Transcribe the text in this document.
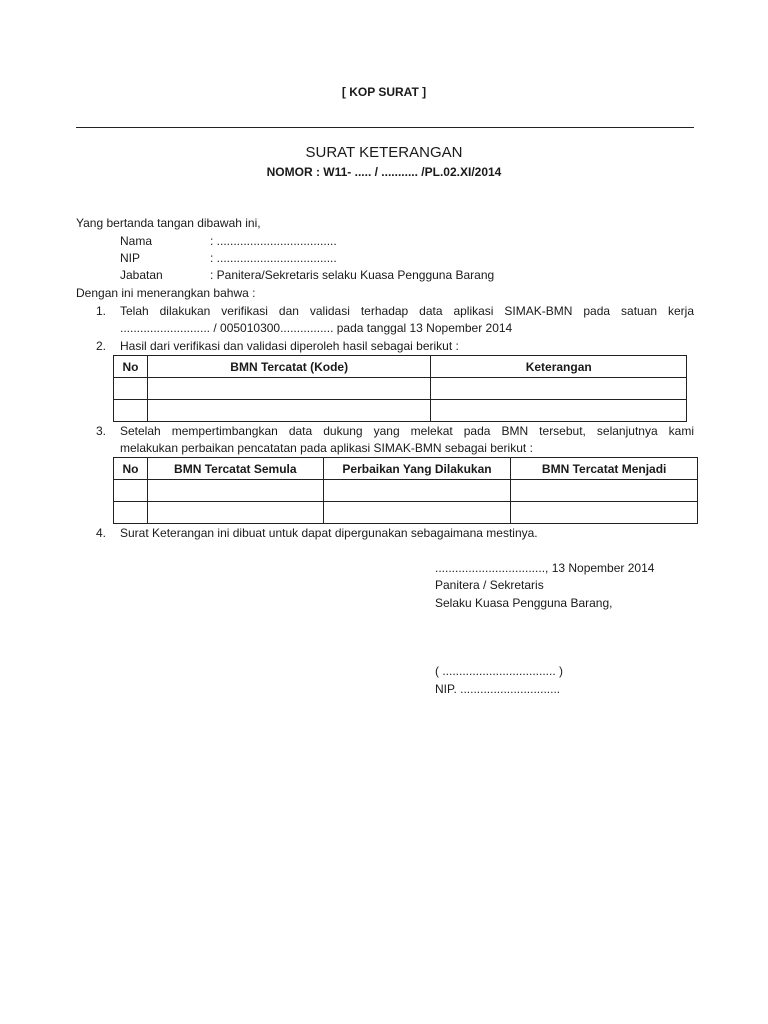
[ KOP SURAT ]
SURAT KETERANGAN
NOMOR : W11- ..... / ........... /PL.02.XI/2014
Yang bertanda tangan dibawah ini,
Nama	: ....................................
NIP	: ....................................
Jabatan	: Panitera/Sekretaris selaku Kuasa Pengguna Barang
Dengan ini menerangkan bahwa :
1. Telah dilakukan verifikasi dan validasi terhadap data aplikasi SIMAK-BMN pada satuan kerja
........................... / 005010300................ pada tanggal 13 Nopember 2014
2. Hasil dari verifikasi dan validasi diperoleh hasil sebagai berikut :
No	BMN Tercatat (Kode)	Keterangan

3. Setelah mempertimbangkan data dukung yang melekat pada BMN tersebut, selanjutnya kami
melakukan perbaikan pencatatan pada aplikasi SIMAK-BMN sebagai berikut :
No	BMN Tercatat Semula	Perbaikan Yang Dilakukan	BMN Tercatat Menjadi

4. Surat Keterangan ini dibuat untuk dapat dipergunakan sebagaimana mestinya.
................................., 13 Nopember 2014
Panitera / Sekretaris
Selaku Kuasa Pengguna Barang,
( .................................. )
NIP. ..............................
